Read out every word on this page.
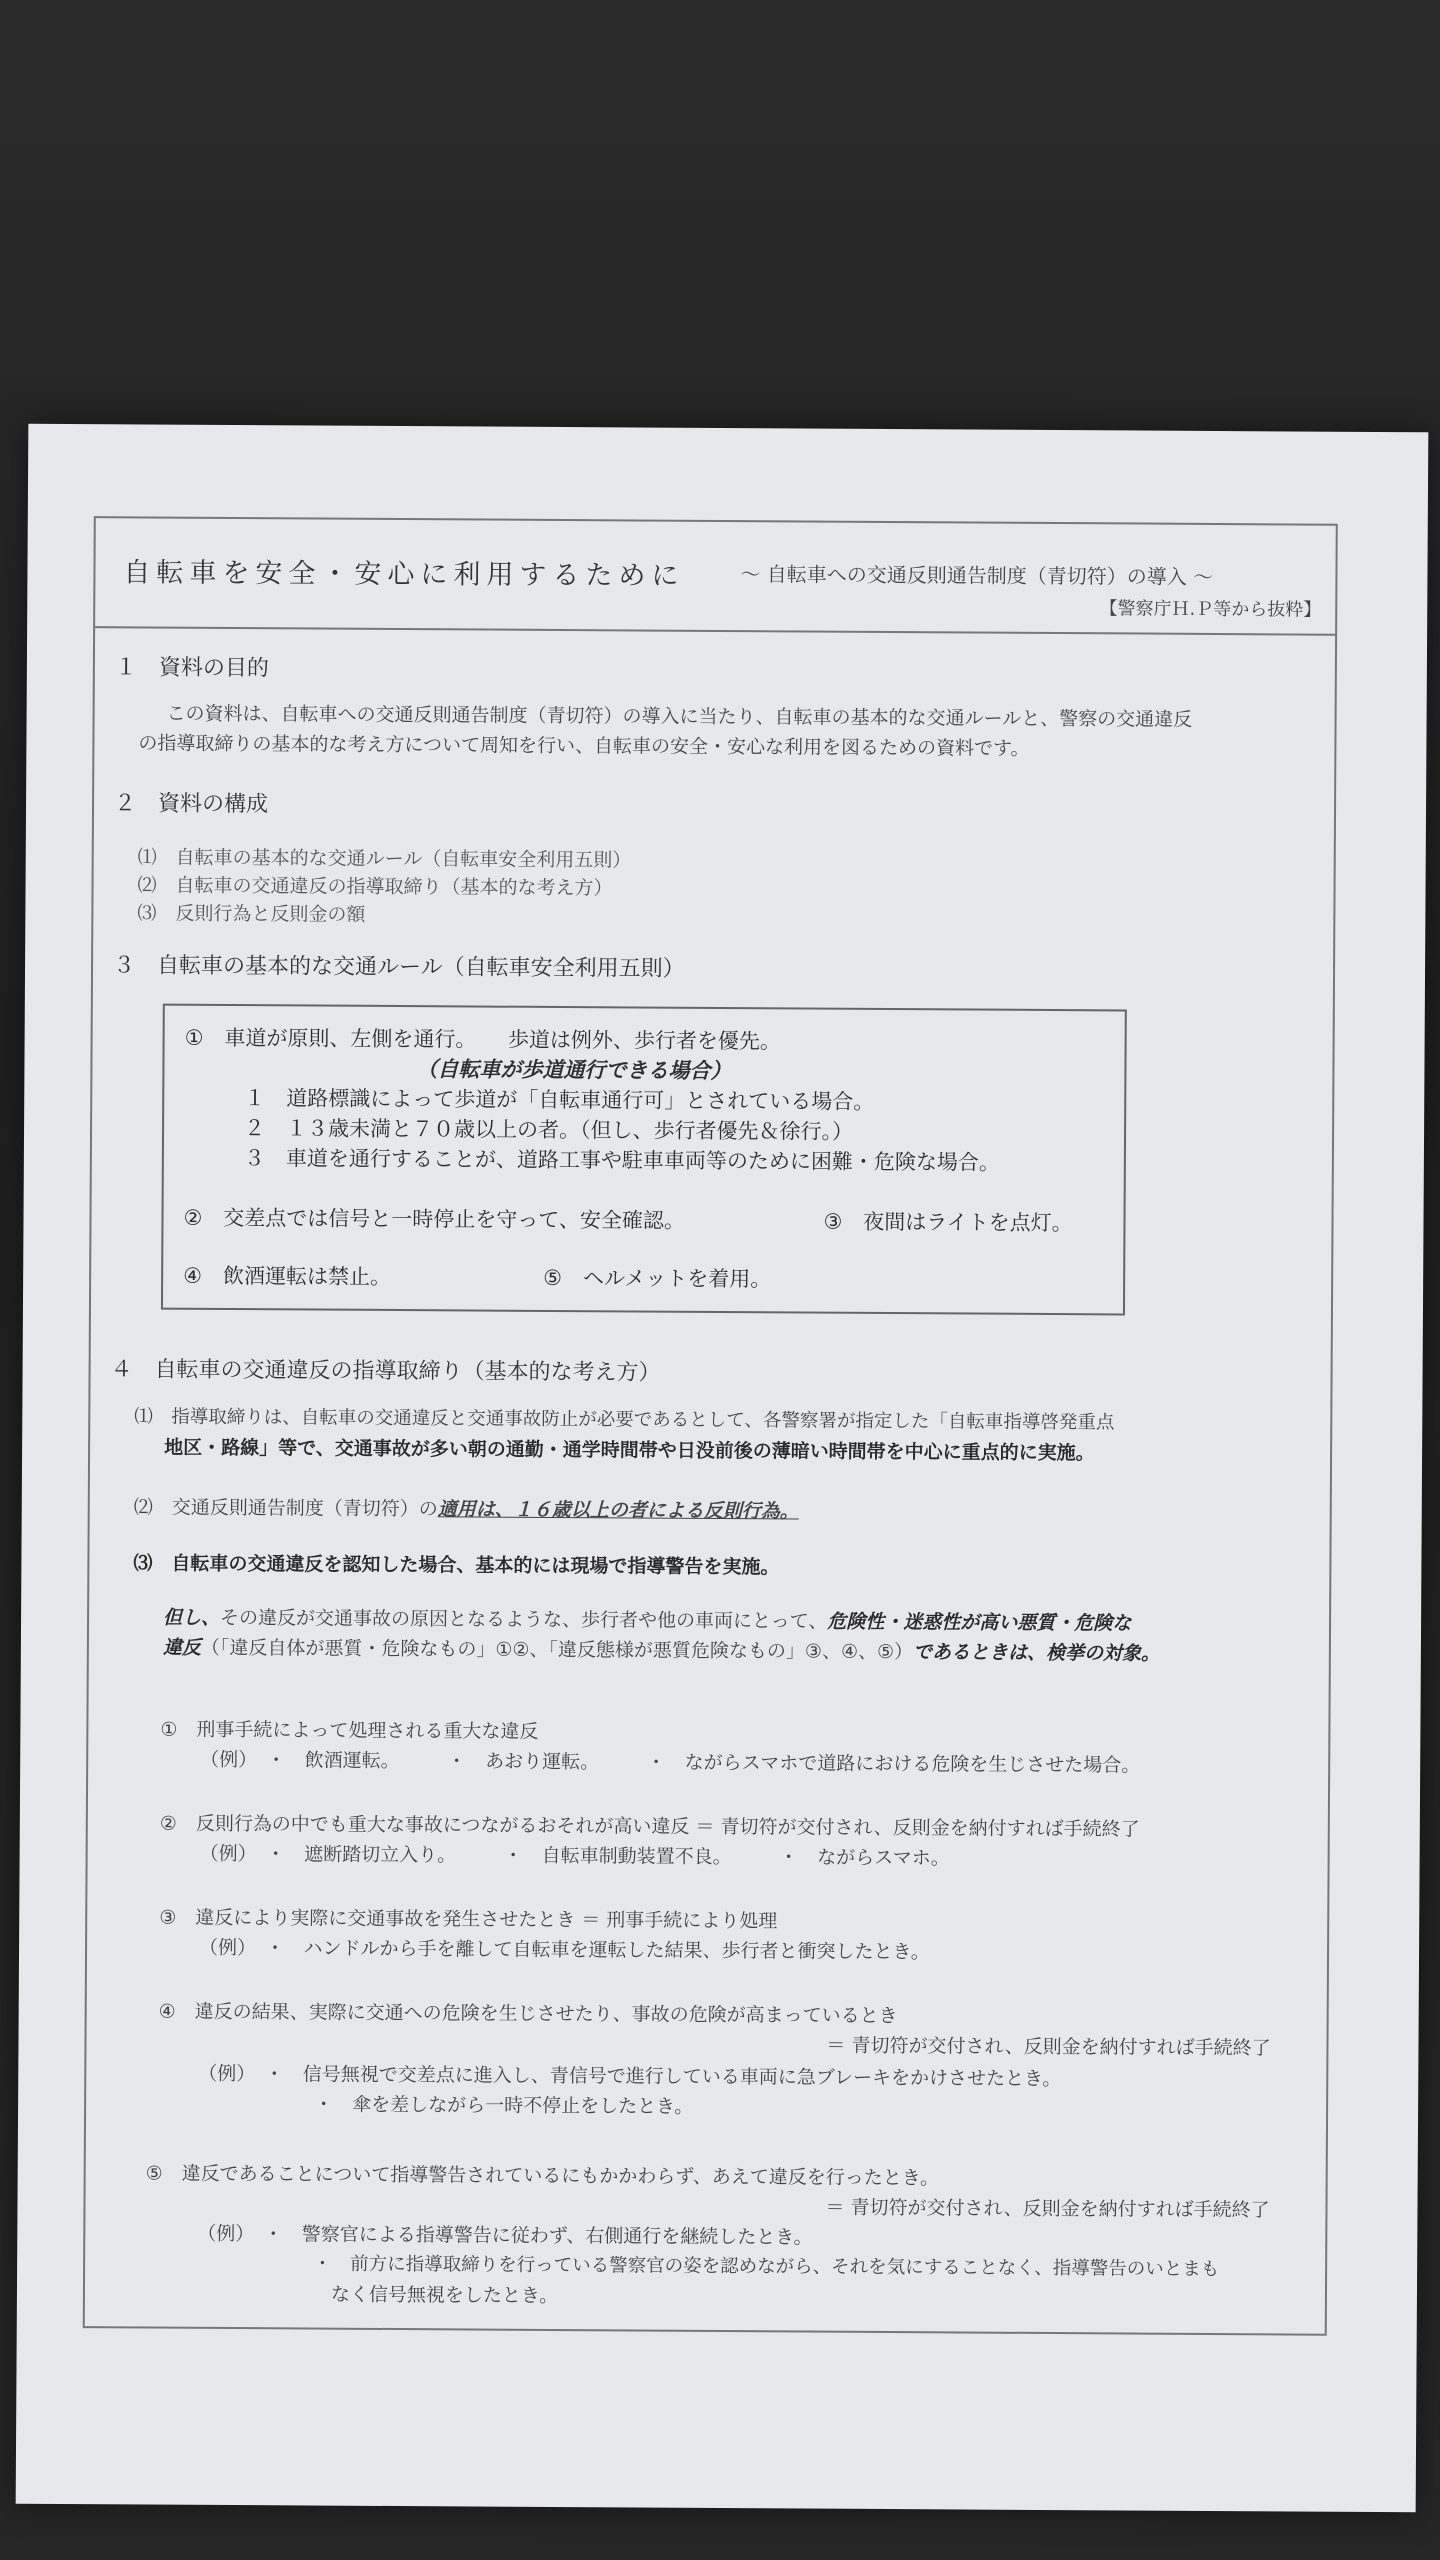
自転車を安全・安心に利用するために	～ 自転車への交通反則通告制度（青切符）の導入 ～
【警察庁Ｈ.Ｐ等から抜粋】
１　資料の目的
この資料は、自転車への交通反則通告制度（青切符）の導入に当たり、自転車の基本的な交通ルールと、警察の交通違反
の指導取締りの基本的な考え方について周知を行い、自転車の安全・安心な利用を図るための資料です。
２　資料の構成
⑴　自転車の基本的な交通ルール（自転車安全利用五則）
⑵　自転車の交通違反の指導取締り（基本的な考え方）
⑶　反則行為と反則金の額
３　自転車の基本的な交通ルール（自転車安全利用五則）
①　車道が原則、左側を通行。　　歩道は例外、歩行者を優先。
（自転車が歩道通行できる場合）
１　道路標識によって歩道が「自転車通行可」とされている場合。
２　１３歳未満と７０歳以上の者。（但し、歩行者優先＆徐行。）
３　車道を通行することが、道路工事や駐車車両等のために困難・危険な場合。
②　交差点では信号と一時停止を守って、安全確認。	③　夜間はライトを点灯。
④　飲酒運転は禁止。	⑤　ヘルメットを着用。
４　自転車の交通違反の指導取締り（基本的な考え方）
⑴　指導取締りは、自転車の交通違反と交通事故防止が必要であるとして、各警察署が指定した「自転車指導啓発重点
地区・路線」等で、交通事故が多い朝の通勤・通学時間帯や日没前後の薄暗い時間帯を中心に重点的に実施。
⑵　交通反則通告制度（青切符）の適用は、１６歳以上の者による反則行為。
⑶　自転車の交通違反を認知した場合、基本的には現場で指導警告を実施。
但し、その違反が交通事故の原因となるような、歩行者や他の車両にとって、危険性・迷惑性が高い悪質・危険な
違反（「違反自体が悪質・危険なもの」①②、「違反態様が悪質危険なもの」③、④、⑤）であるときは、検挙の対象。
①　刑事手続によって処理される重大な違反
（例）　・　飲酒運転。　　　・　あおり運転。　　　・　ながらスマホで道路における危険を生じさせた場合。
②　反則行為の中でも重大な事故につながるおそれが高い違反 ＝ 青切符が交付され、反則金を納付すれば手続終了
（例）　・　遮断踏切立入り。　　　・　自転車制動装置不良。　　　・　ながらスマホ。
③　違反により実際に交通事故を発生させたとき ＝ 刑事手続により処理
（例）　・　ハンドルから手を離して自転車を運転した結果、歩行者と衝突したとき。
④　違反の結果、実際に交通への危険を生じさせたり、事故の危険が高まっているとき
＝ 青切符が交付され、反則金を納付すれば手続終了
（例）　・　信号無視で交差点に進入し、青信号で進行している車両に急ブレーキをかけさせたとき。
・　傘を差しながら一時不停止をしたとき。
⑤　違反であることについて指導警告されているにもかかわらず、あえて違反を行ったとき。
＝ 青切符が交付され、反則金を納付すれば手続終了
（例）　・　警察官による指導警告に従わず、右側通行を継続したとき。
・　前方に指導取締りを行っている警察官の姿を認めながら、それを気にすることなく、指導警告のいとまも
なく信号無視をしたとき。
